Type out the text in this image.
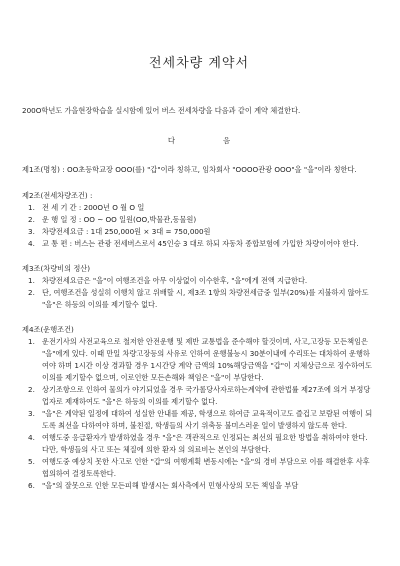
전세차량 계약서

200O학년도 가을현장학습을 실시함에 있어 버스 전세차량을 다음과 같이 계약 체결한다.

다	음

제1조(명칭) : OO초등학교장 OOO(를) "갑"이라 칭하고, 임차회사 "OOOO관광 OOO"을 "을"이라 칭한다.

제2조(전세차량조건) :

1. 전 세 기 간 : 200O년 O 월 O 일
2. 운 행 일 정 : OO ~ OO 일원(OO,박물관,동물원)
3. 차량전세요금 : 1대 250,000원 × 3대 = 750,000원
4. 교 통 편 : 버스는 관광 전세버스로서 45인승 3 대로 하되 자동차 종합보험에 가입한 차량이어야 한다.

제3조(차량비의 정산)

1. 차량전세요금은 "을"이 여행조건을 아무 이상없이 이수한후, "을"에게 전액 지급한다.
2. 단, 여행조건을 성실히 이행치 않고 위배할 시, 제3조 1항의 차량전세금중 일부(20%)를 지불하지 않아도 "을"은 하등의 이의를 제기할수 없다.

제4조(운행조건)

1. 운전기사의 사전교육으로 철저한 안전운행 및 제반 교통법을 준수해야 할것이며, 사고,고장등 모든책임은 "을"에게 있다. 이때 만일 차량고장등의 사유로 인하여 운행불능시 30분이내에 수리또는 대차하여 운행하여야 하며 1시간 이상 경과할 경우 1시간당 계약 금액의 10%해당금액을 "갑"이 지체상금으로 징수하여도 이의를 제기할수 없으며, 이로인한 모든손해와 책임은 "을"이 부담한다.
2. 상기조항으로 인하여 물의가 야기되었을 경우 국가롤당사자로하는계약에 관한법률 제27조에 의거 부정당 업자로 제재하여도 "을"은 하등의 이의를 제기할수 없다.
3. "을"은 계약된 일정에 대하여 성실한 안내를 제공, 학생으로 하여금 교육적이고도 즐겁고 보람된 여행이 되도록 최선을 다하여야 하며, 불친절, 학생들의 사기 위축등 불미스러운 일이 발생하지 않도록 한다.
4. 여행도중 응급환자가 발생하였을 경우 "을"은 객관적으로 인정되는 최선의 필요한 방법을 취하여야 한다. 다만, 학생들의 사고 또는 체질에 의한 환자 의 의료비는 본인의 부담한다.
5. 여행도중 예상치 못한 사고로 인한 "갑"의 여행계획 변동시에는 "을"의 경비 부담으로 이를 해결한후 사후 협의하여 결정토록한다.
6. "을"의 잘못으로 인한 모든피해 발생시는 회사측에서 민형사상의 모든 책임을 부담
